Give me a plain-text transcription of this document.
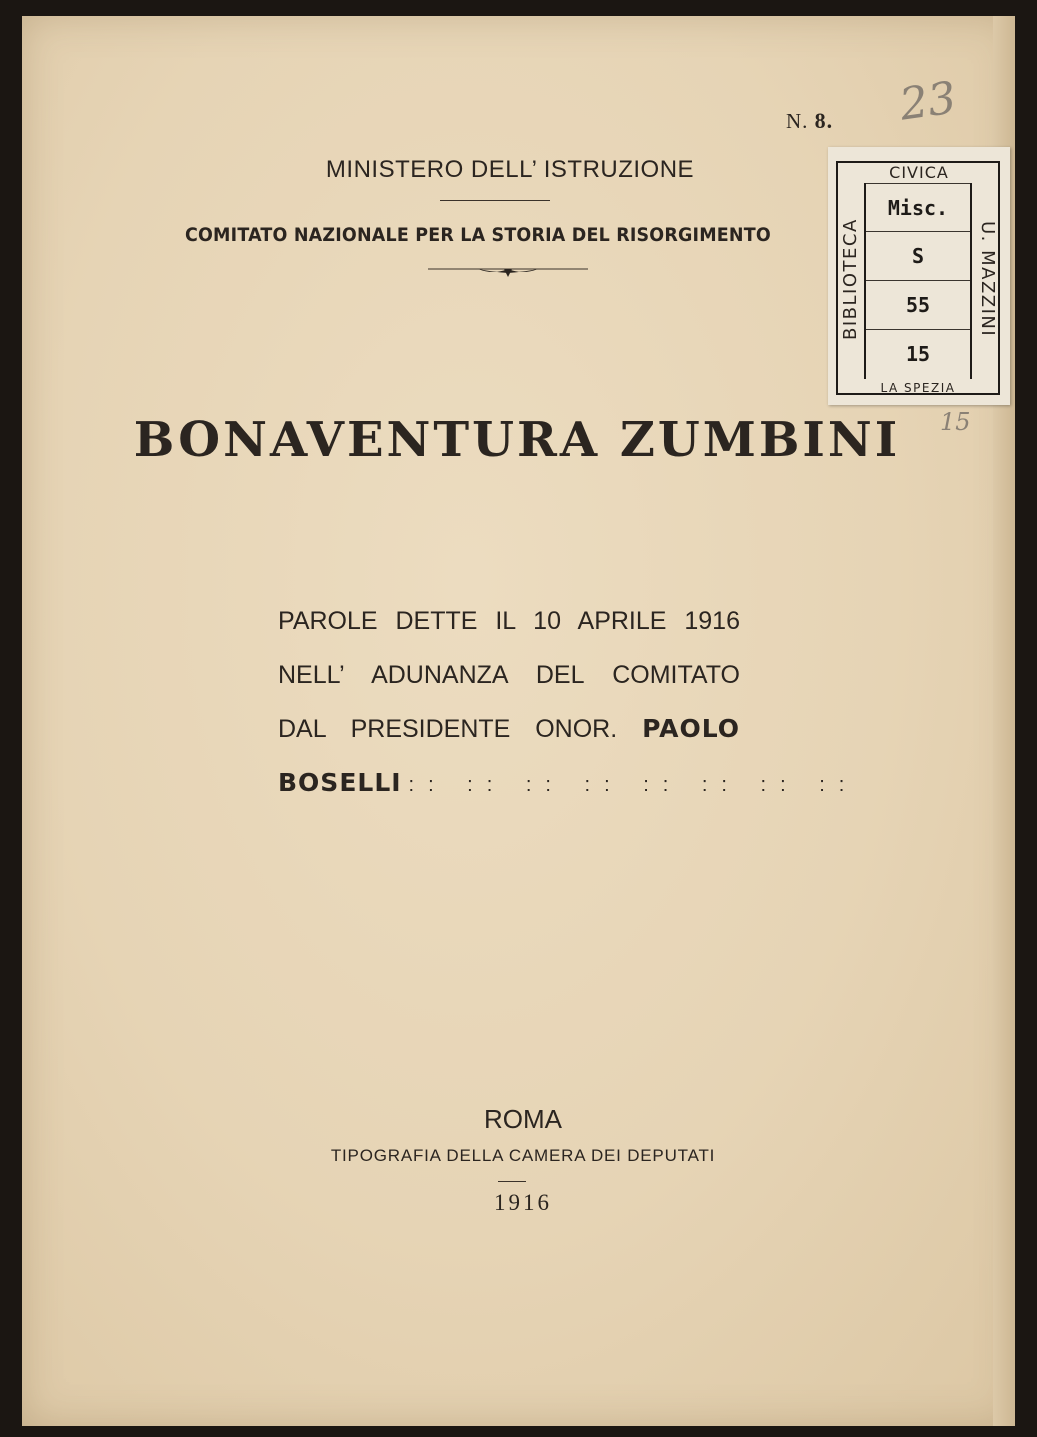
N. 8. 23
15
MINISTERO DELL’ ISTRUZIONE
COMITATO NAZIONALE PER LA STORIA DEL RISORGIMENTO
BONAVENTURA ZUMBINI
PAROLE DETTE IL 10 APRILE 1916
NELL’ ADUNANZA DEL COMITATO
DAL PRESIDENTE ONOR. PAOLO
BOSELLI :: :: :: :: :: :: :: ::
ROMA
TIPOGRAFIA DELLA CAMERA DEI DEPUTATI
1916
CIVICA
BIBLIOTECA	U. MAZZINI
Misc.
S
55
15
LA SPEZIA
